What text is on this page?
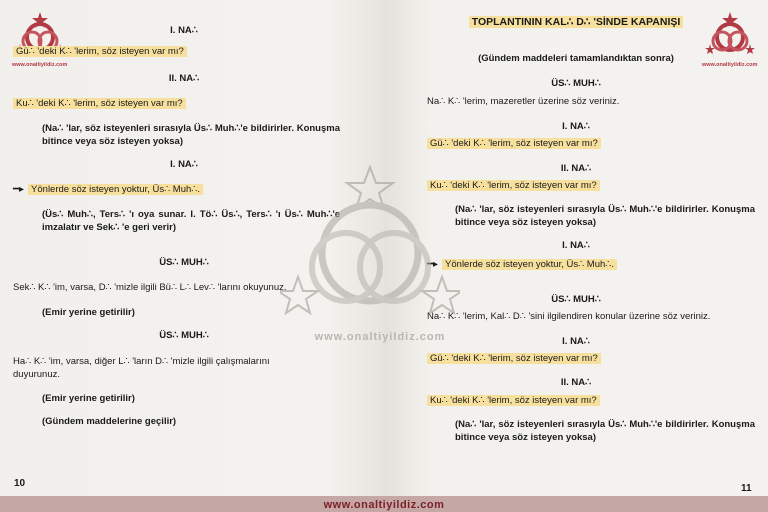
www.onaltiyildiz.com
I. NA∴
Gü∴ 'deki K∴ 'lerim, söz isteyen var mı?
II. NA∴
Ku∴ 'deki K∴ 'lerim, söz isteyen var mı?
(Na∴ 'lar, söz isteyenleri sırasıyla Üs∴ Muh∴'e bildirirler. Konuşma bitince veya söz isteyen yoksa)
I. NA∴
━▸ Yönlerde söz isteyen yoktur, Üs∴ Muh∴.
(Üs∴ Muh∴, Ters∴ 'ı oya sunar. I. Tö∴ Üs∴, Ters∴ 'ı Üs∴ Muh∴'e imzalatır ve Sek∴ 'e geri verir)
ÜS∴ MUH∴
Sek∴ K∴ 'im, varsa, D∴ 'mizle ilgili Bü∴ L∴ Lev∴ 'larını okuyunuz.
(Emir yerine getirilir)
ÜS∴ MUH∴
Ha∴ K∴ 'im, varsa, diğer L∴ 'ların D∴ 'mizle ilgili çalışmalarını duyurunuz.
(Emir yerine getirilir)
(Gündem maddelerine geçilir)
10
TOPLANTININ KAL∴ D∴ 'SİNDE KAPANIŞI
(Gündem maddeleri tamamlandıktan sonra)
ÜS∴ MUH∴
Na∴ K∴ 'lerim, mazeretler üzerine söz veriniz.
I. NA∴
Gü∴ 'deki K∴ 'lerim, söz isteyen var mı?
II. NA∴
Ku∴ 'deki K∴ 'lerim, söz isteyen var mı?
(Na∴ 'lar, söz isteyenleri sırasıyla Üs∴ Muh∴'e bildirirler. Konuşma bitince veya söz isteyen yoksa)
I. NA∴
━▸ Yönlerde söz isteyen yoktur, Üs∴ Muh∴.
ÜS∴ MUH∴
Na∴ K∴ 'lerim, Kal∴ D∴ 'sini ilgilendiren konular üzerine söz veriniz.
I. NA∴
Gü∴ 'deki K∴ 'lerim, söz isteyen var mı?
II. NA∴
Ku∴ 'deki K∴ 'lerim, söz isteyen var mı?
(Na∴ 'lar, söz isteyenleri sırasıyla Üs∴ Muh∴'e bildirirler. Konuşma bitince veya söz isteyen yoksa)
www.onaltiyildiz.com
11
www.onaltiyildiz.com
www.onaltiyildiz.com
